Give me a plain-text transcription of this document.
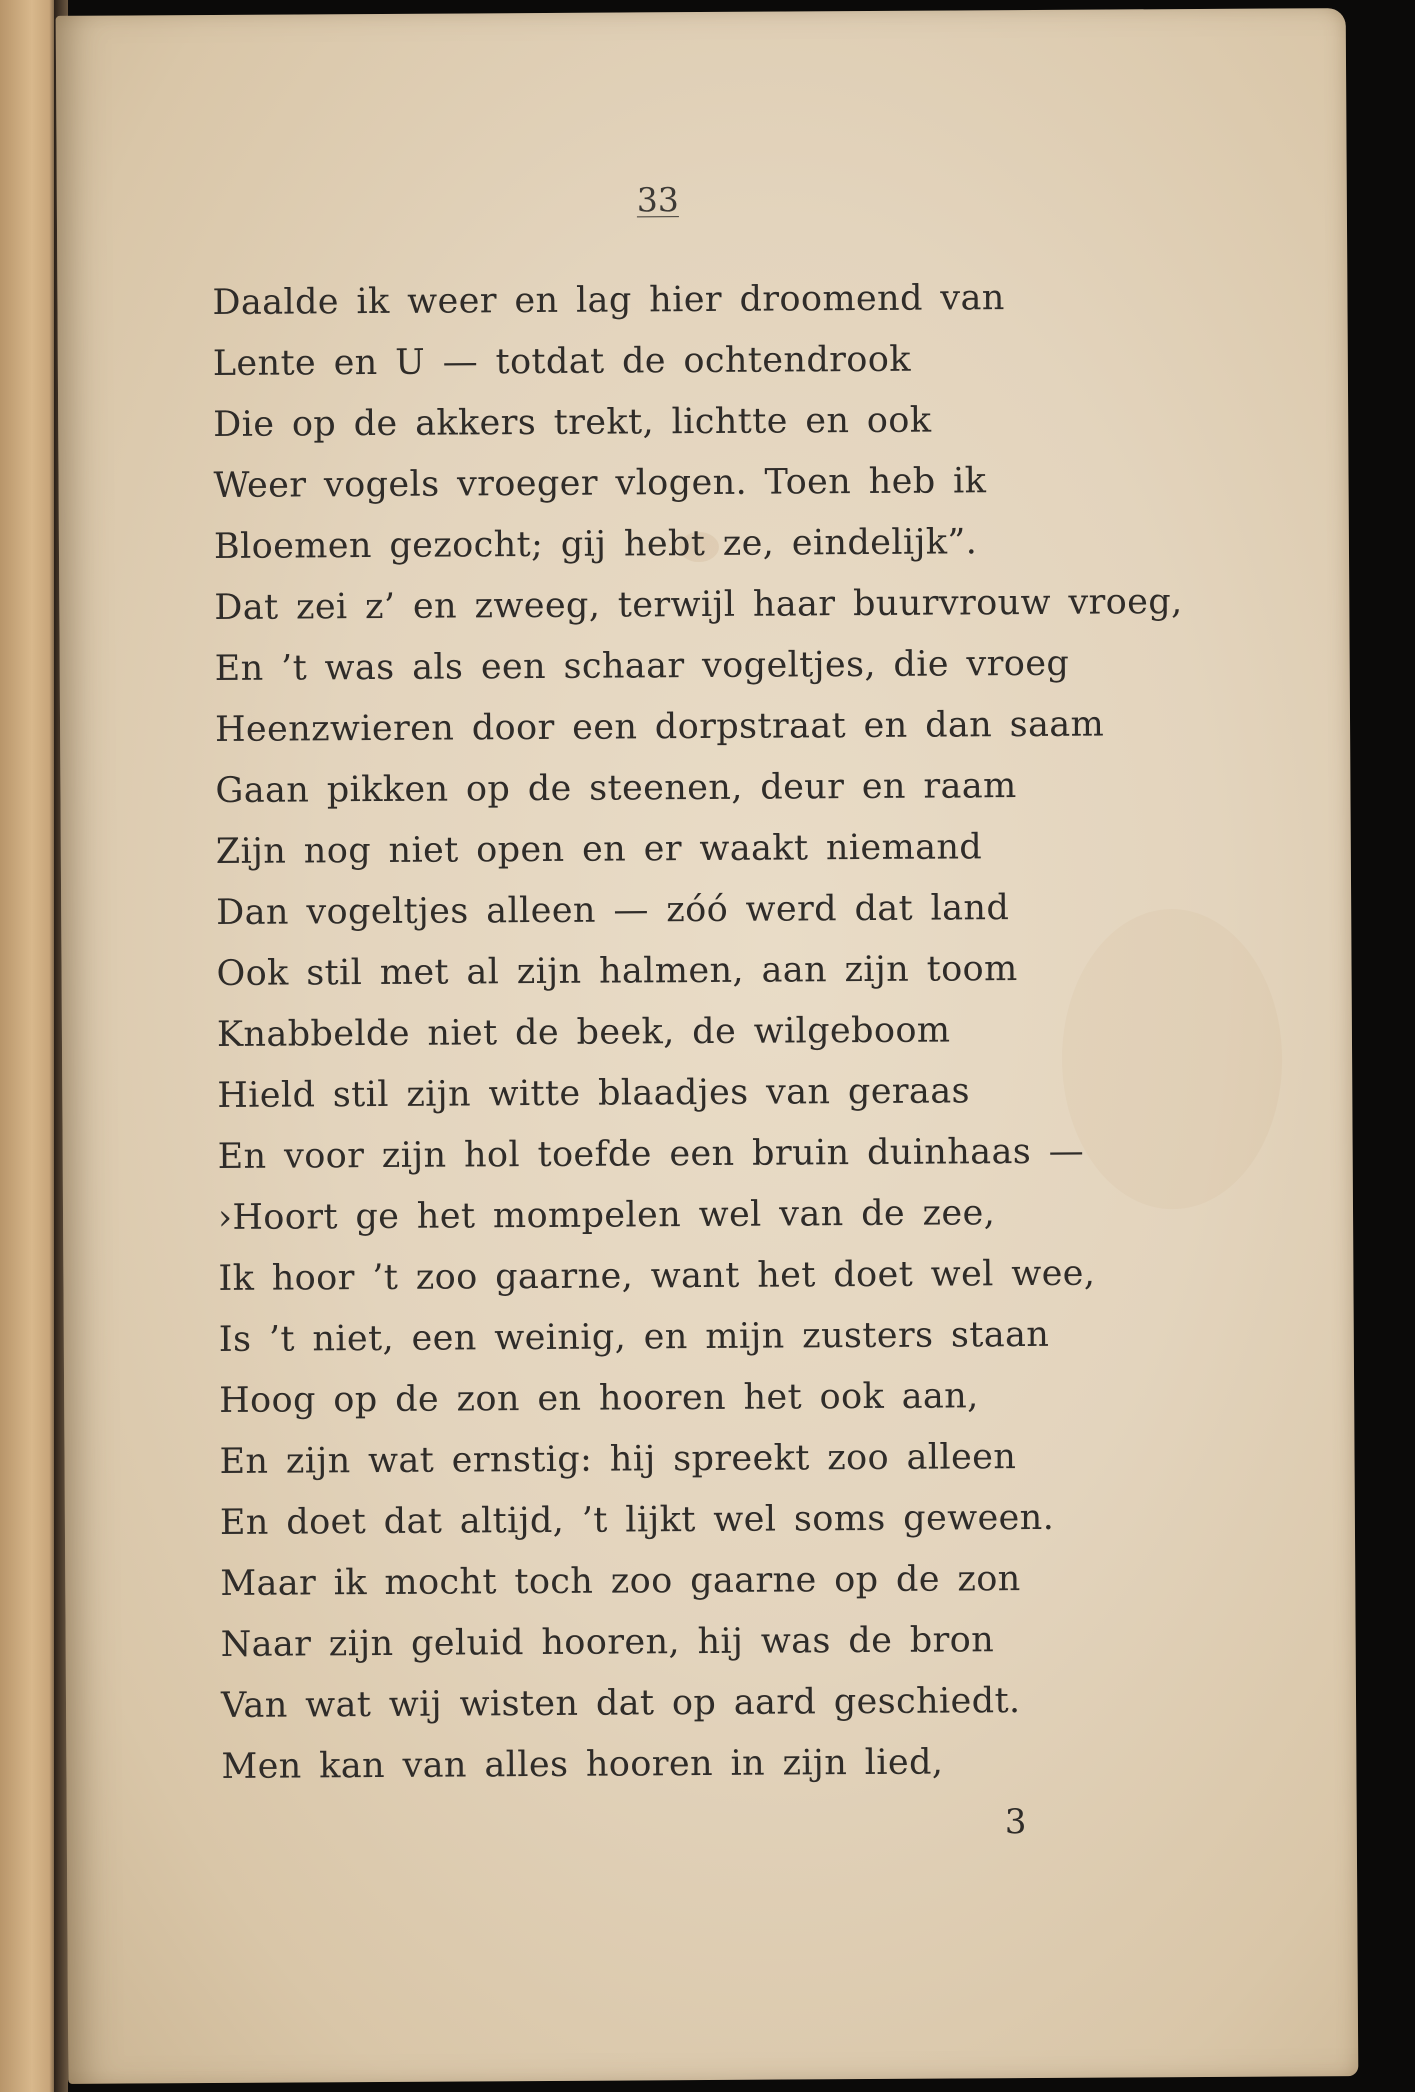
33

Daalde ik weer en lag hier droomend van
Lente en U — totdat de ochtendrook
Die op de akkers trekt, lichtte en ook
Weer vogels vroeger vlogen. Toen heb ik
Bloemen gezocht; gij hebt ze, eindelijk”.
Dat zei z’ en zweeg, terwijl haar buurvrouw vroeg,
En ’t was als een schaar vogeltjes, die vroeg
Heenzwieren door een dorpstraat en dan saam
Gaan pikken op de steenen, deur en raam
Zijn nog niet open en er waakt niemand
Dan vogeltjes alleen — zóó werd dat land
Ook stil met al zijn halmen, aan zijn toom
Knabbelde niet de beek, de wilgeboom
Hield stil zijn witte blaadjes van geraas
En voor zijn hol toefde een bruin duinhaas —
›Hoort ge het mompelen wel van de zee,
Ik hoor ’t zoo gaarne, want het doet wel wee,
Is ’t niet, een weinig, en mijn zusters staan
Hoog op de zon en hooren het ook aan,
En zijn wat ernstig: hij spreekt zoo alleen
En doet dat altijd, ’t lijkt wel soms geween.
Maar ik mocht toch zoo gaarne op de zon
Naar zijn geluid hooren, hij was de bron
Van wat wij wisten dat op aard geschiedt.
Men kan van alles hooren in zijn lied,

3
